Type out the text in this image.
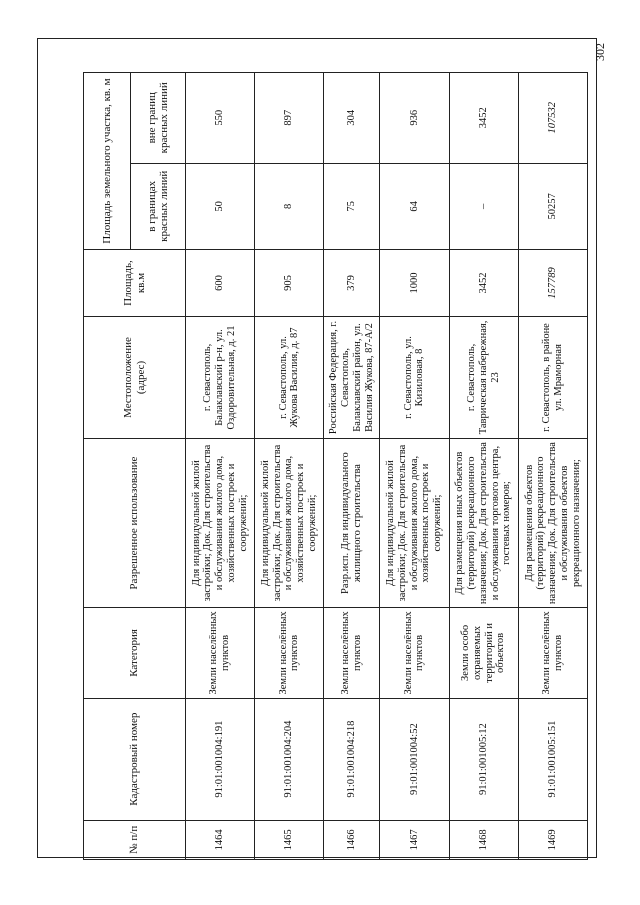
302
№ п/п	Кадастровый номер	Категория	Разрешенное использование	Местоположение (адрес)	Площадь, кв.м	Площадь земельного участка, кв. м	
						в границах красных линий	вне границ красных линий
1464	91:01:001004:191	Земли населённых пунктов	Для индивидуальной жилой застройки; Док. Для строительства и обслуживания жилого дома, хозяйственных построек и сооружений;	г. Севастополь, Балаклавский р-н, ул. Оздоровительная, д. 21	600	50	550
1465	91:01:001004:204	Земли населённых пунктов	Для индивидуальной жилой застройки; Док. Для строительства и обслуживания жилого дома, хозяйственных построек и сооружений;	г. Севастополь, ул. Жукова Василия, д. 87	905	8	897
1466	91:01:001004:218	Земли населённых пунктов	Разр.исп. Для индивидуального жилищного строительства	Российская Федерация, г. Севастополь, Балаклавский район, ул. Василия Жукова, 87-А/2	379	75	304
1467	91:01:001004:52	Земли населённых пунктов	Для индивидуальной жилой застройки; Док. Для строительства и обслуживания жилого дома, хозяйственных построек и сооружений;	г. Севастополь, ул. Кизиловая, 8	1000	64	936
1468	91:01:001005:12	Земли особо охраняемых территорий и объектов	Для размещения иных объектов (территорий) рекреационного назначения; Док. Для строительства и обслуживания торгового центра, гостевых номеров;	г. Севастополь, Таврическая набережная, 23	3452	–	3452
1469	91:01:001005:151	Земли населённых пунктов	Для размещения объектов (территорий) рекреационного назначения; Док. Для строительства и обслуживания объектов рекреационного назначения;	г. Севастополь, в районе ул. Мраморная	157789	50257	107532
